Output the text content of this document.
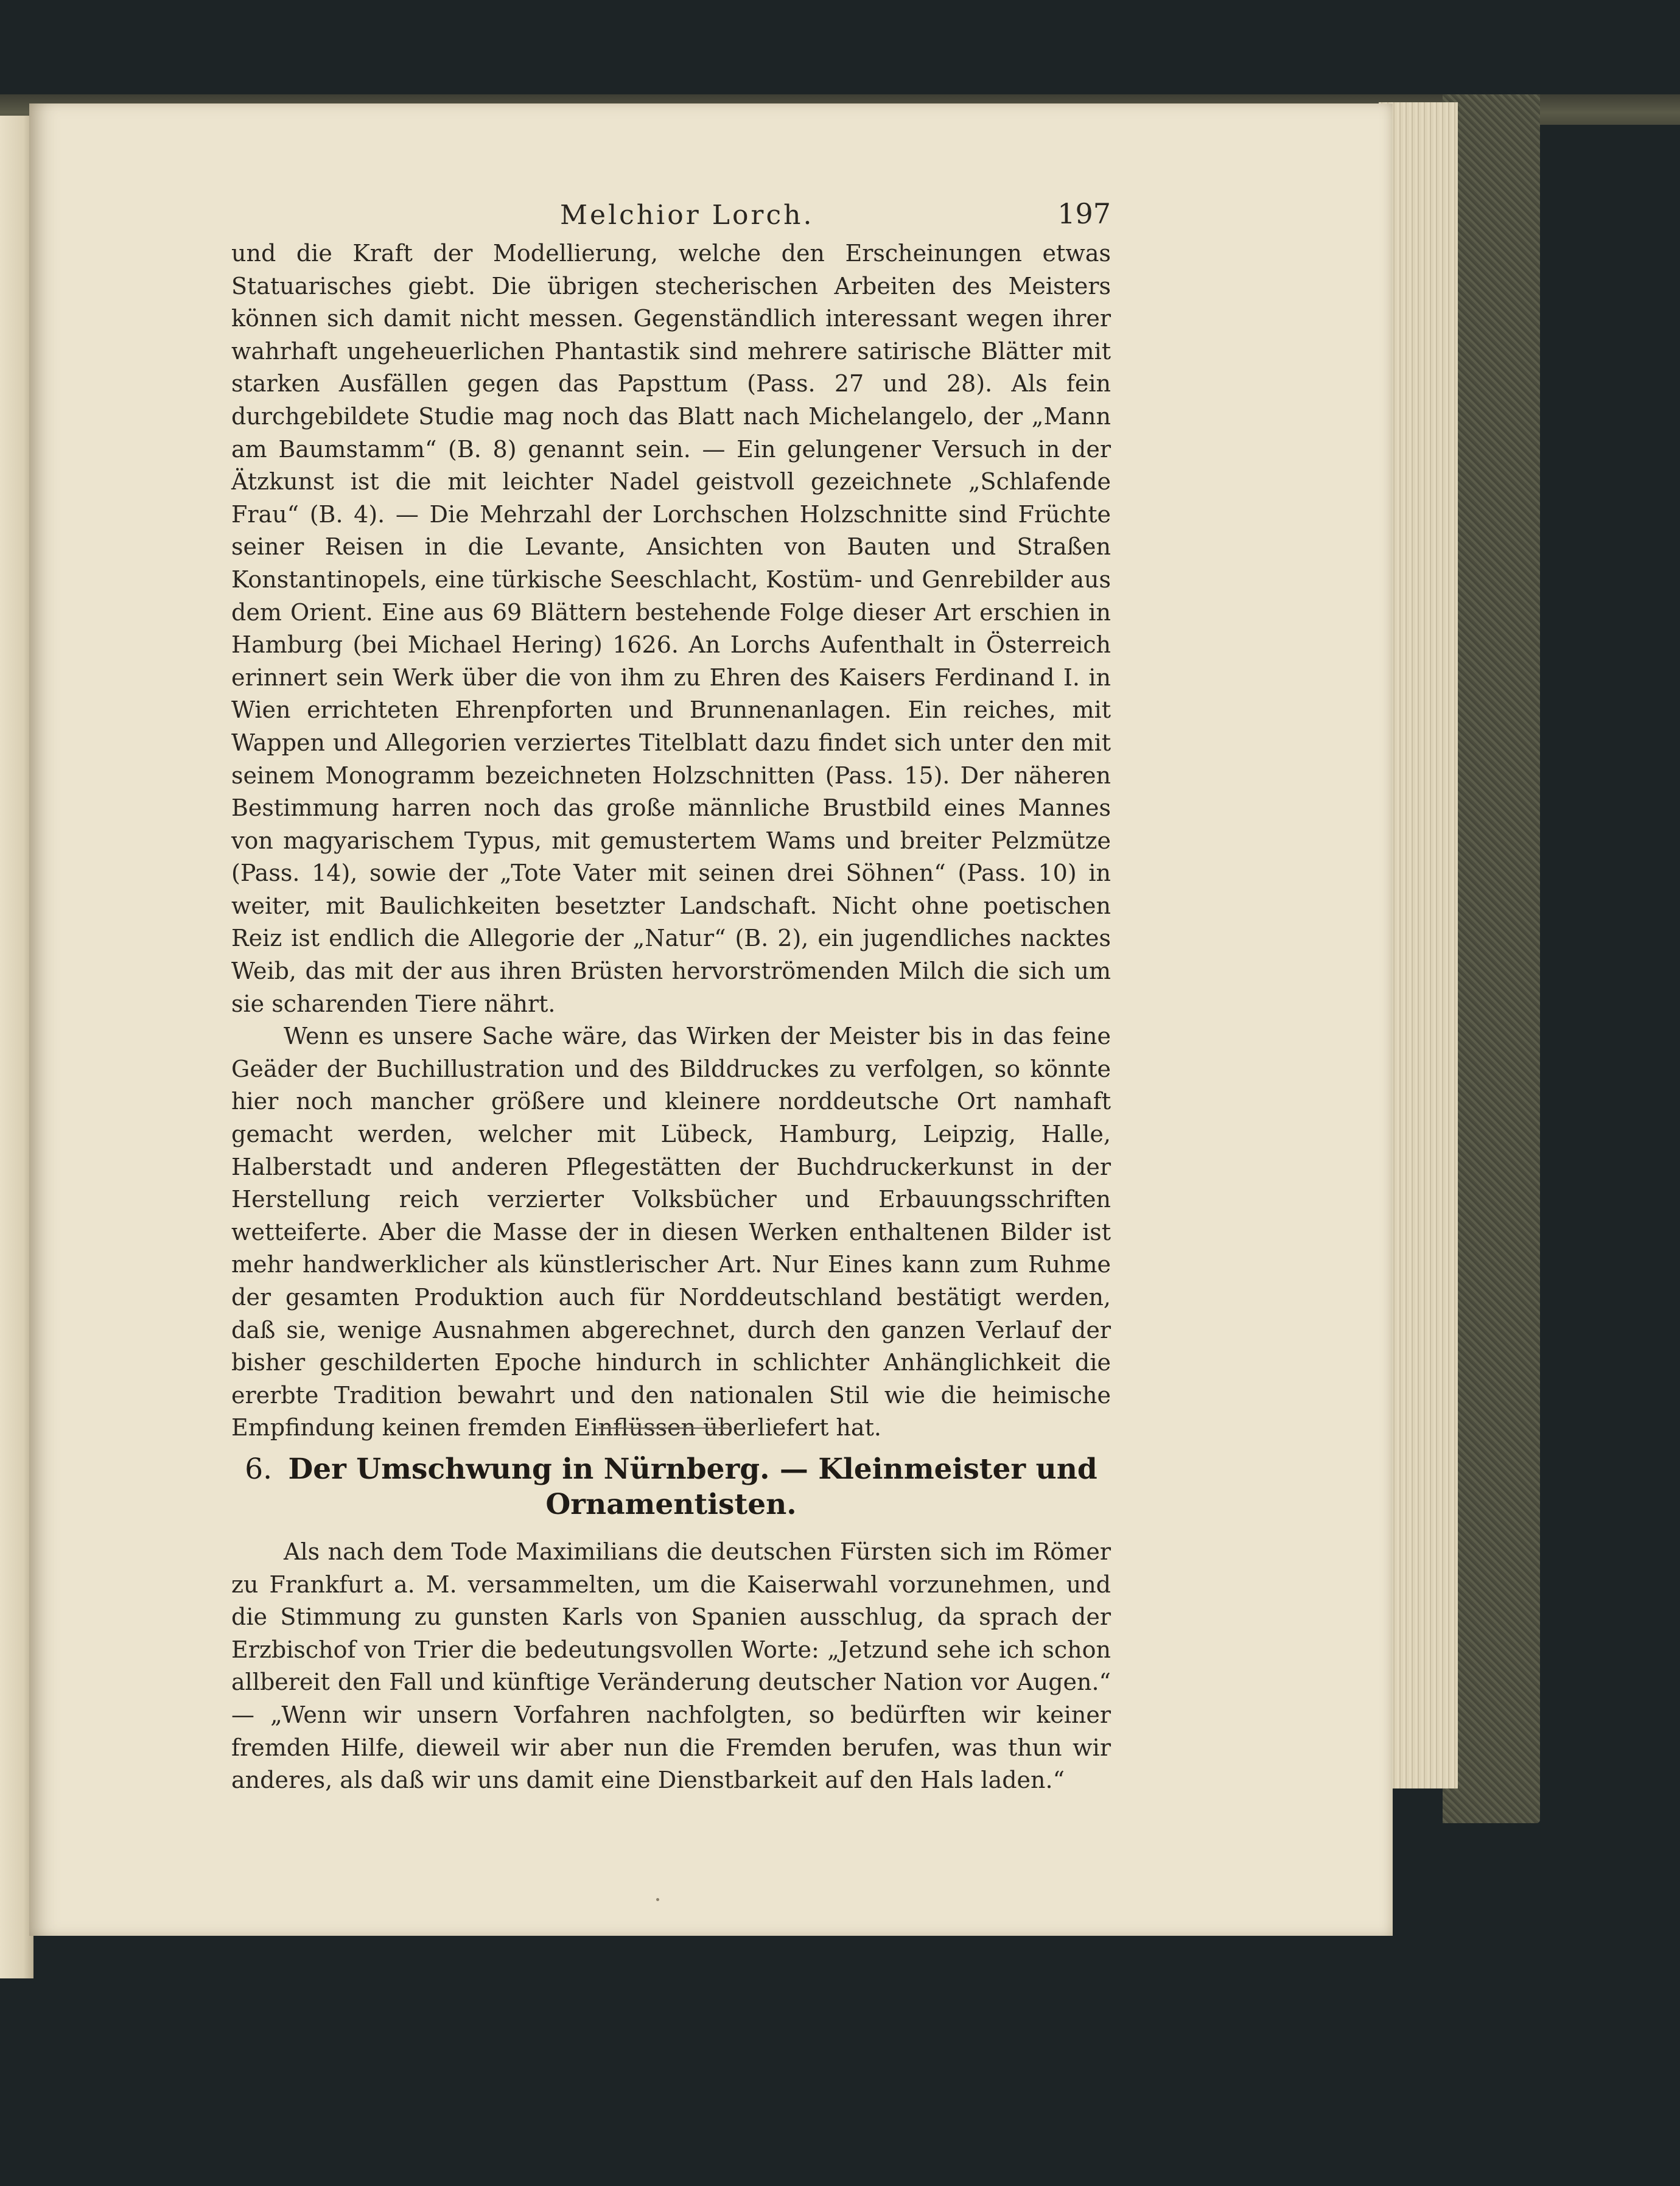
Melchior Lorch.	197

und die Kraft der Modellierung, welche den Erscheinungen etwas Statuarisches giebt. Die übrigen stecherischen Arbeiten des Meisters können sich damit nicht messen. Gegenständlich interessant wegen ihrer wahrhaft ungeheuerlichen Phantastik sind mehrere satirische Blätter mit starken Ausfällen gegen das Papsttum (Pass. 27 und 28). Als fein durchgebildete Studie mag noch das Blatt nach Michelangelo, der „Mann am Baumstamm“ (B. 8) genannt sein. — Ein gelungener Versuch in der Ätzkunst ist die mit leichter Nadel geistvoll gezeichnete „Schlafende Frau“ (B. 4). — Die Mehrzahl der Lorchschen Holzschnitte sind Früchte seiner Reisen in die Levante, Ansichten von Bauten und Straßen Konstantinopels, eine türkische Seeschlacht, Kostüm- und Genrebilder aus dem Orient. Eine aus 69 Blättern bestehende Folge dieser Art erschien in Hamburg (bei Michael Hering) 1626. An Lorchs Aufenthalt in Österreich erinnert sein Werk über die von ihm zu Ehren des Kaisers Ferdinand I. in Wien errichteten Ehrenpforten und Brunnenanlagen. Ein reiches, mit Wappen und Allegorien verziertes Titelblatt dazu findet sich unter den mit seinem Monogramm bezeichneten Holzschnitten (Pass. 15). Der näheren Bestimmung harren noch das große männliche Brustbild eines Mannes von magyarischem Typus, mit gemustertem Wams und breiter Pelzmütze (Pass. 14), sowie der „Tote Vater mit seinen drei Söhnen“ (Pass. 10) in weiter, mit Baulichkeiten besetzter Landschaft. Nicht ohne poetischen Reiz ist endlich die Allegorie der „Natur“ (B. 2), ein jugendliches nacktes Weib, das mit der aus ihren Brüsten hervorströmenden Milch die sich um sie scharenden Tiere nährt.

Wenn es unsere Sache wäre, das Wirken der Meister bis in das feine Geäder der Buchillustration und des Bilddruckes zu verfolgen, so könnte hier noch mancher größere und kleinere norddeutsche Ort namhaft gemacht werden, welcher mit Lübeck, Hamburg, Leipzig, Halle, Halberstadt und anderen Pflegestätten der Buchdruckerkunst in der Herstellung reich verzierter Volksbücher und Erbauungsschriften wetteiferte. Aber die Masse der in diesen Werken enthaltenen Bilder ist mehr handwerklicher als künstlerischer Art. Nur Eines kann zum Ruhme der gesamten Produktion auch für Norddeutschland bestätigt werden, daß sie, wenige Ausnahmen abgerechnet, durch den ganzen Verlauf der bisher geschilderten Epoche hindurch in schlichter Anhänglichkeit die ererbte Tradition bewahrt und den nationalen Stil wie die heimische Empfindung keinen fremden Einflüssen überliefert hat.

6. Der Umschwung in Nürnberg. — Kleinmeister und Ornamentisten.

Als nach dem Tode Maximilians die deutschen Fürsten sich im Römer zu Frankfurt a. M. versammelten, um die Kaiserwahl vorzunehmen, und die Stimmung zu gunsten Karls von Spanien ausschlug, da sprach der Erzbischof von Trier die bedeutungsvollen Worte: „Jetzund sehe ich schon allbereit den Fall und künftige Veränderung deutscher Nation vor Augen.“ — „Wenn wir unsern Vorfahren nachfolgten, so bedürften wir keiner fremden Hilfe, dieweil wir aber nun die Fremden berufen, was thun wir anderes, als daß wir uns damit eine Dienstbarkeit auf den Hals laden.“
